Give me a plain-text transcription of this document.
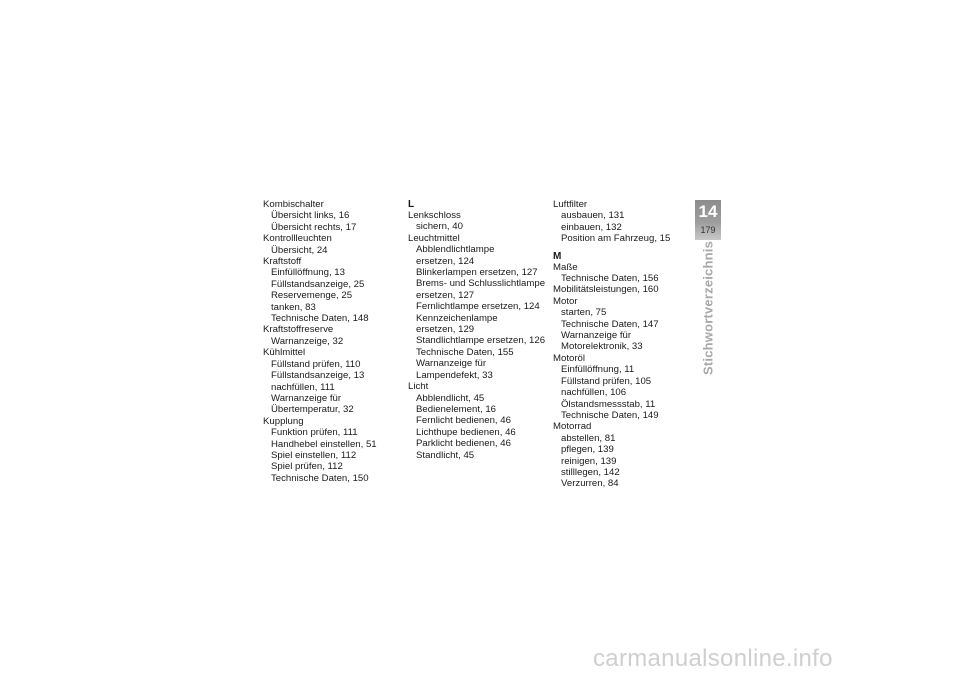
Kombischalter
Übersicht links, 16
Übersicht rechts, 17
Kontrollleuchten
Übersicht, 24
Kraftstoff
Einfüllöffnung, 13
Füllstandsanzeige, 25
Reservemenge, 25
tanken, 83
Technische Daten, 148
Kraftstoffreserve
Warnanzeige, 32
Kühlmittel
Füllstand prüfen, 110
Füllstandsanzeige, 13
nachfüllen, 111
Warnanzeige für
Übertemperatur, 32
Kupplung
Funktion prüfen, 111
Handhebel einstellen, 51
Spiel einstellen, 112
Spiel prüfen, 112
Technische Daten, 150
L
Lenkschloss
sichern, 40
Leuchtmittel
Abblendlichtlampe
ersetzen, 124
Blinkerlampen ersetzen, 127
Brems- und Schlusslichtlampe
ersetzen, 127
Fernlichtlampe ersetzen, 124
Kennzeichenlampe
ersetzen, 129
Standlichtlampe ersetzen, 126
Technische Daten, 155
Warnanzeige für
Lampendefekt, 33
Licht
Abblendlicht, 45
Bedienelement, 16
Fernlicht bedienen, 46
Lichthupe bedienen, 46
Parklicht bedienen, 46
Standlicht, 45
Luftfilter
ausbauen, 131
einbauen, 132
Position am Fahrzeug, 15
M
Maße
Technische Daten, 156
Mobilitätsleistungen, 160
Motor
starten, 75
Technische Daten, 147
Warnanzeige für
Motorelektronik, 33
Motoröl
Einfüllöffnung, 11
Füllstand prüfen, 105
nachfüllen, 106
Ölstandsmessstab, 11
Technische Daten, 149
Motorrad
abstellen, 81
pflegen, 139
reinigen, 139
stilllegen, 142
Verzurren, 84
14
179
Stichwortverzeichnis
carmanualsonline.info
